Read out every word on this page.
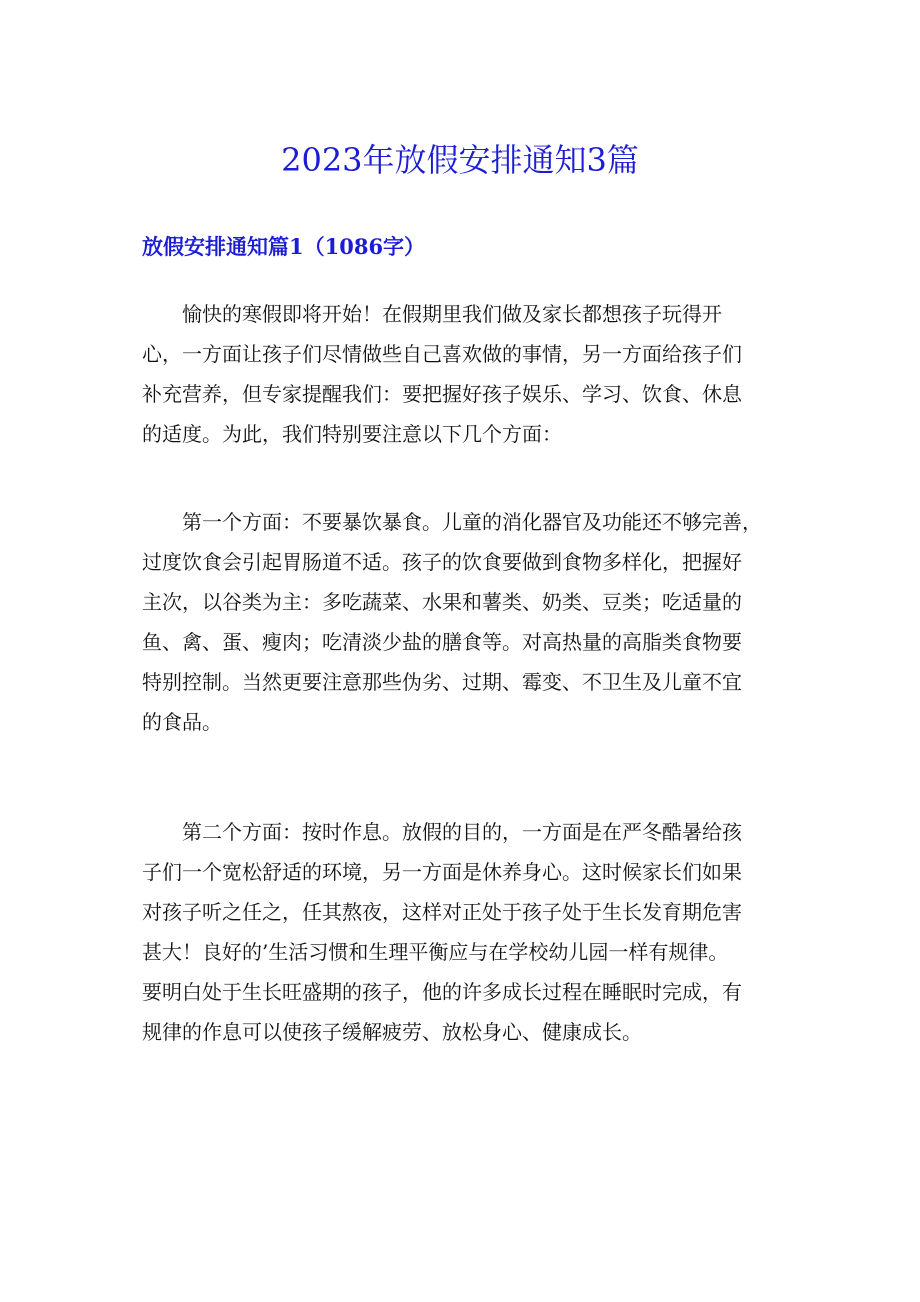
2023年放假安排通知3篇
放假安排通知篇1（1086字）

　　愉快的寒假即将开始！在假期里我们做及家长都想孩子玩得开
心，一方面让孩子们尽情做些自己喜欢做的事情，另一方面给孩子们
补充营养，但专家提醒我们：要把握好孩子娱乐、学习、饮食、休息
的适度。为此，我们特别要注意以下几个方面：

　　第一个方面：不要暴饮暴食。儿童的消化器官及功能还不够完善，
过度饮食会引起胃肠道不适。孩子的饮食要做到食物多样化，把握好
主次，以谷类为主：多吃蔬菜、水果和薯类、奶类、豆类；吃适量的
鱼、禽、蛋、瘦肉；吃清淡少盐的膳食等。对高热量的高脂类食物要
特别控制。当然更要注意那些伪劣、过期、霉变、不卫生及儿童不宜
的食品。

　　第二个方面：按时作息。放假的目的，一方面是在严冬酷暑给孩
子们一个宽松舒适的环境，另一方面是休养身心。这时候家长们如果
对孩子听之任之，任其熬夜，这样对正处于孩子处于生长发育期危害
甚大！良好的’生活习惯和生理平衡应与在学校幼儿园一样有规律。
要明白处于生长旺盛期的孩子，他的许多成长过程在睡眠时完成，有
规律的作息可以使孩子缓解疲劳、放松身心、健康成长。
